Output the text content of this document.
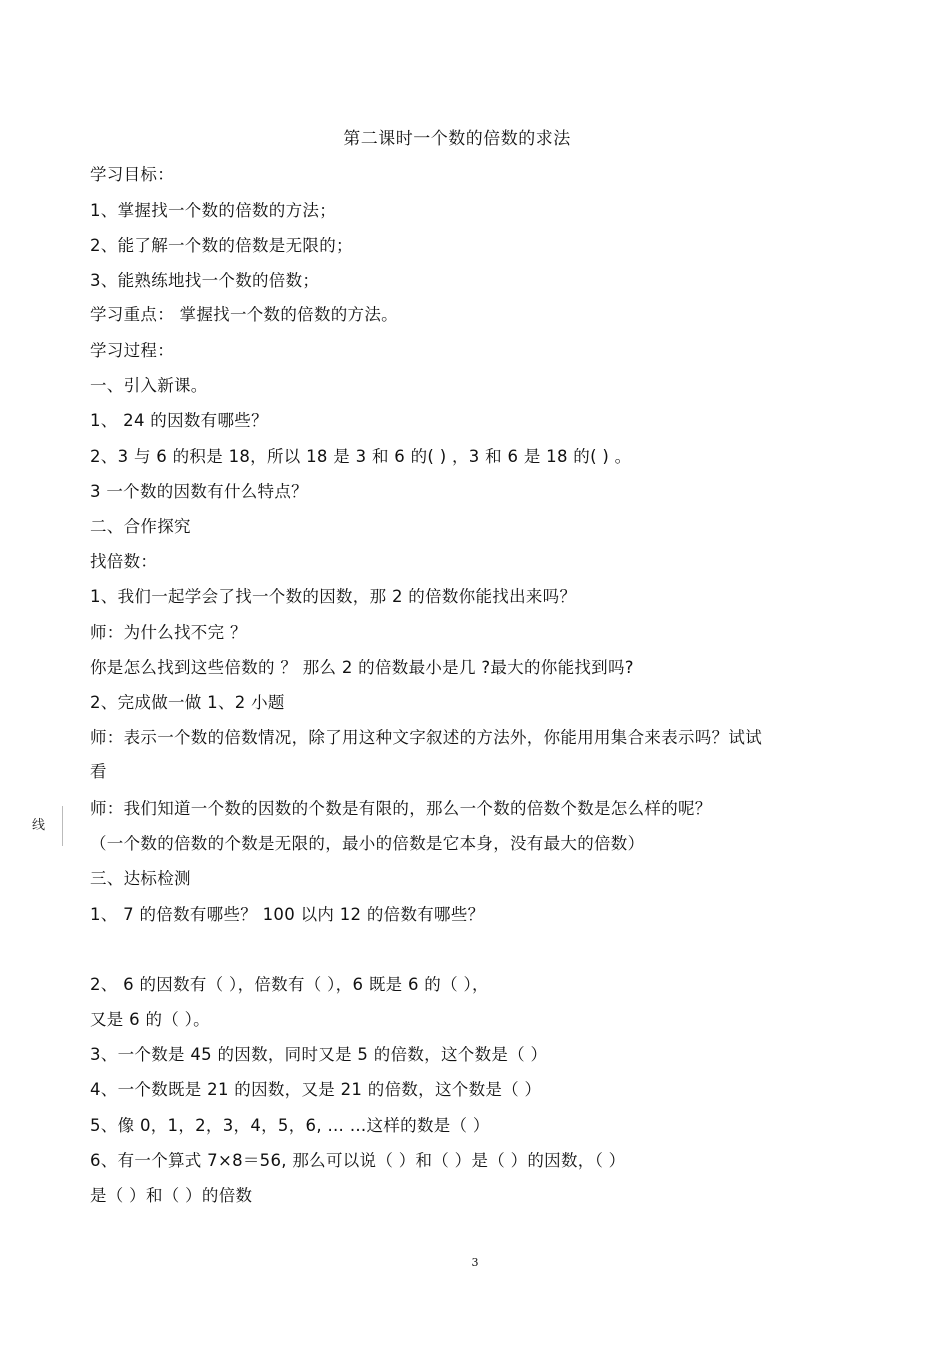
第二课时一个数的倍数的求法
学习目标：
1、掌握找一个数的倍数的方法；
2、能了解一个数的倍数是无限的；
3、能熟练地找一个数的倍数；
学习重点： 掌握找一个数的倍数的方法。
学习过程：
一、引入新课。
1、 24 的因数有哪些？
2、3 与 6 的积是 18，所以 18 是 3 和 6 的( ) ，3 和 6 是 18 的( ) 。
3 一个数的因数有什么特点？
二、合作探究
找倍数：
1、我们一起学会了找一个数的因数，那 2 的倍数你能找出来吗？
师：为什么找不完 ？
你是怎么找到这些倍数的 ？ 那么 2 的倍数最小是几 ?最大的你能找到吗?
2、完成做一做 1、2 小题
师：表示一个数的倍数情况，除了用这种文字叙述的方法外，你能用用集合来表示吗？试试
看
师：我们知道一个数的因数的个数是有限的，那么一个数的倍数个数是怎么样的呢？
（一个数的倍数的个数是无限的，最小的倍数是它本身，没有最大的倍数）
三、达标检测
1、 7 的倍数有哪些？ 100 以内 12 的倍数有哪些？
2、 6 的因数有（ ），倍数有（ ），6 既是 6 的（ ），
又是 6 的（ ）。
3、一个数是 45 的因数，同时又是 5 的倍数，这个数是（ ）
4、一个数既是 21 的因数，又是 21 的倍数，这个数是（ ）
5、像 0，1，2，3，4，5，6, … …这样的数是（ ）
6、有一个算式 7×8＝56, 那么可以说（ ）和（ ）是（ ）的因数，（ ）
是（ ）和（ ）的倍数
线
3
